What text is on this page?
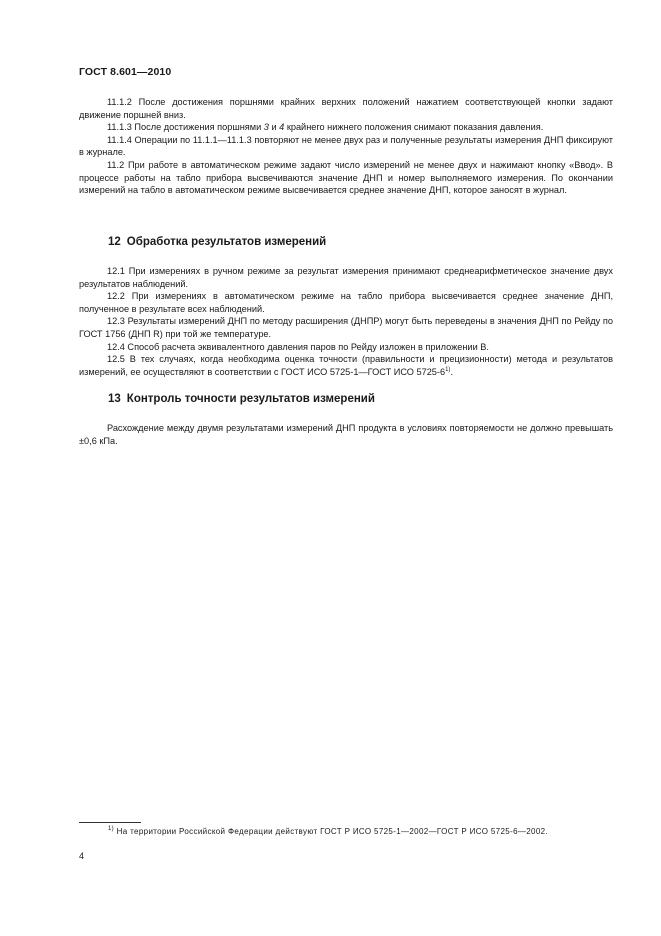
ГОСТ 8.601—2010

11.1.2 После достижения поршнями крайних верхних положений нажатием соответствующей кнопки задают движение поршней вниз.

11.1.3 После достижения поршнями 3 и 4 крайнего нижнего положения снимают показания давления.

11.1.4 Операции по 11.1.1—11.1.3 повторяют не менее двух раз и полученные результаты измерения ДНП фиксируют в журнале.

11.2 При работе в автоматическом режиме задают число измерений не менее двух и нажимают кнопку «Ввод». В процессе работы на табло прибора высвечиваются значение ДНП и номер выполняемого измерения. По окончании измерений на табло в автоматическом режиме высвечивается среднее значение ДНП, которое заносят в журнал.

12 Обработка результатов измерений

12.1 При измерениях в ручном режиме за результат измерения принимают среднеарифметическое значение двух результатов наблюдений.

12.2 При измерениях в автоматическом режиме на табло прибора высвечивается среднее значение ДНП, полученное в результате всех наблюдений.

12.3 Результаты измерений ДНП по методу расширения (ДНПР) могут быть переведены в значения ДНП по Рейду по ГОСТ 1756 (ДНП R) при той же температуре.

12.4 Способ расчета эквивалентного давления паров по Рейду изложен в приложении В.

12.5 В тех случаях, когда необходима оценка точности (правильности и прецизионности) метода и результатов измерений, ее осуществляют в соответствии с ГОСТ ИСО 5725-1—ГОСТ ИСО 5725-6$^{1)}$.

13 Контроль точности результатов измерений

Расхождение между двумя результатами измерений ДНП продукта в условиях повторяемости не должно превышать ±0,6 кПа.

$^{1)}$ На территории Российской Федерации действуют ГОСТ Р ИСО 5725-1—2002—ГОСТ Р ИСО 5725-6—2002.
4
